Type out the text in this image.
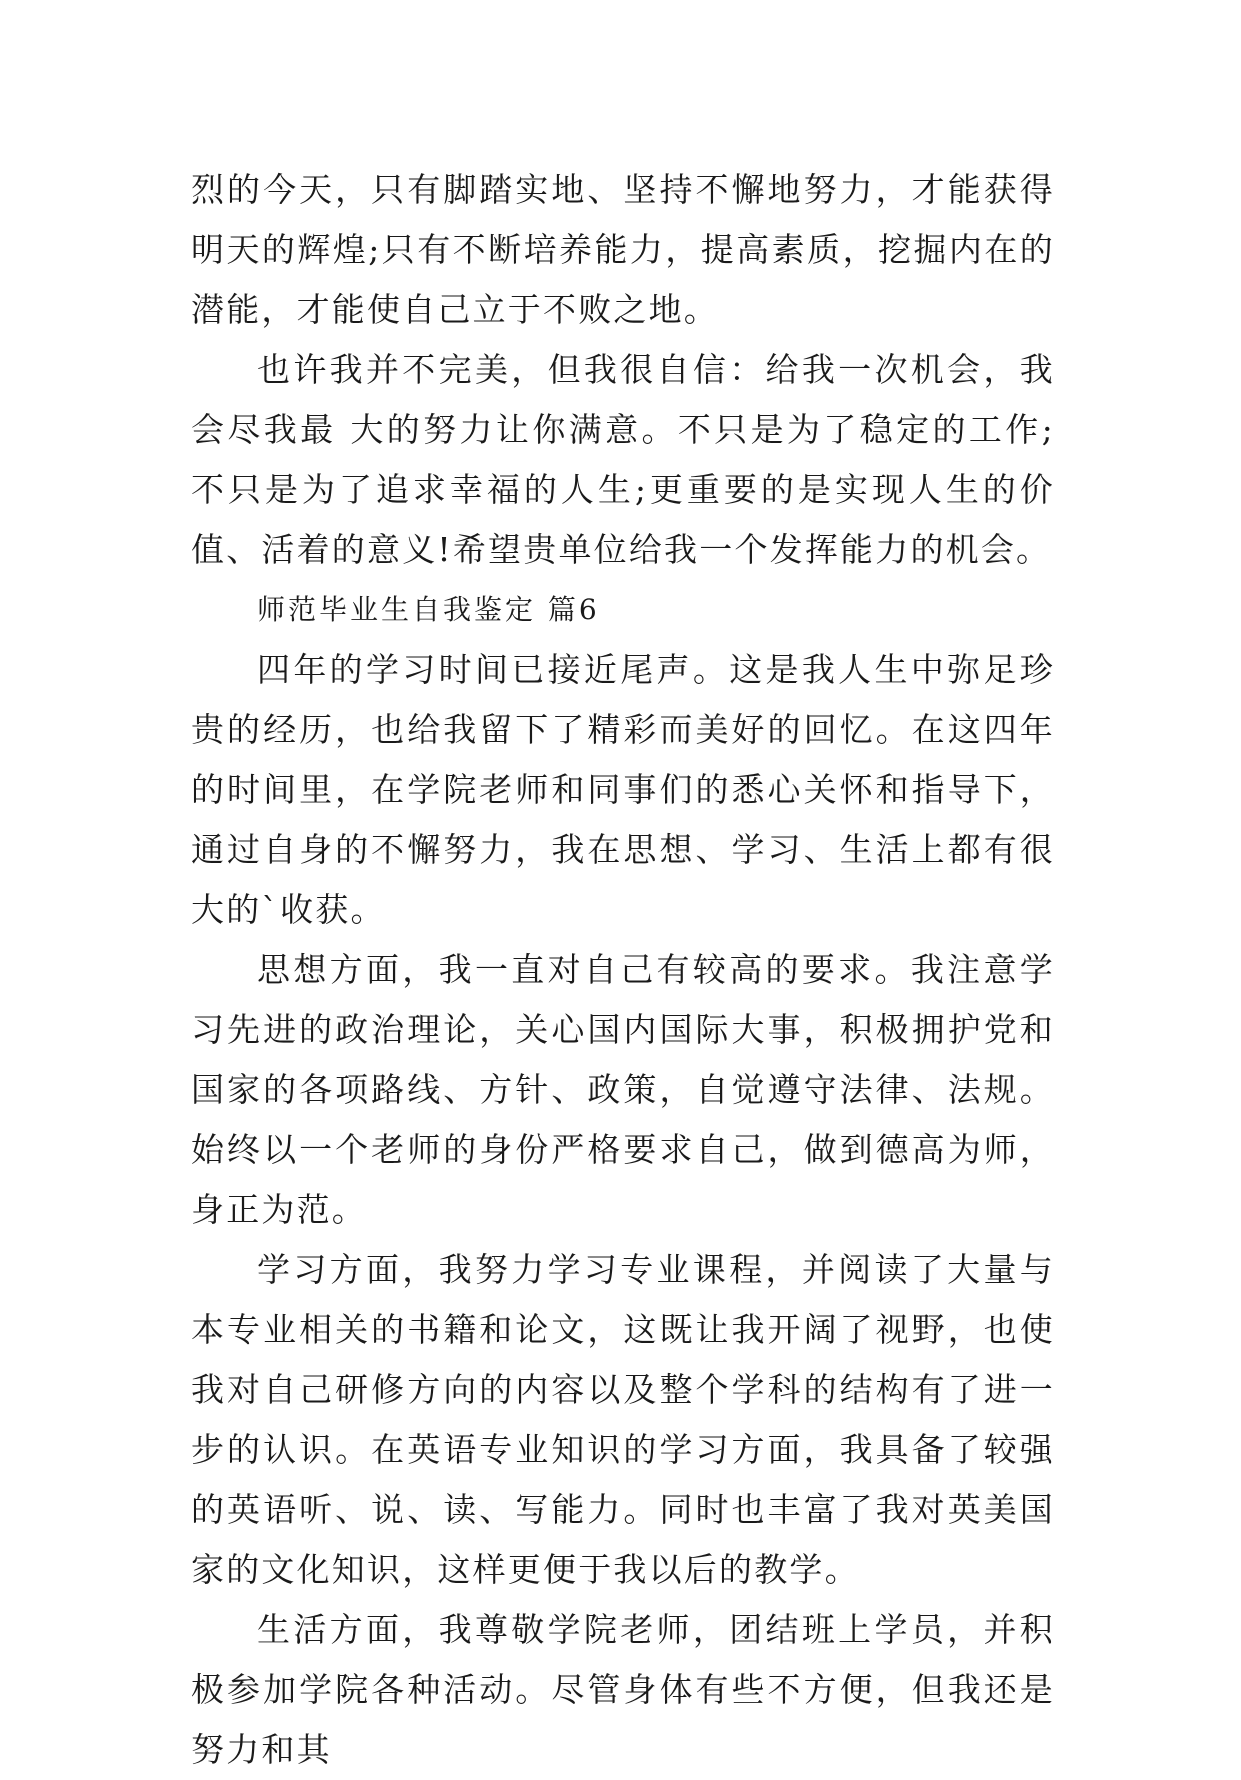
烈的今天，只有脚踏实地、坚持不懈地努力，才能获得明天的辉煌;只有不断培养能力，提高素质，挖掘内在的潜能，才能使自己立于不败之地。

也许我并不完美，但我很自信：给我一次机会，我会尽我最 大的努力让你满意。不只是为了稳定的工作;不只是为了追求幸福的人生;更重要的是实现人生的价值、活着的意义!希望贵单位给我一个发挥能力的机会。

师范毕业生自我鉴定 篇6

四年的学习时间已接近尾声。这是我人生中弥足珍贵的经历，也给我留下了精彩而美好的回忆。在这四年的时间里，在学院老师和同事们的悉心关怀和指导下，通过自身的不懈努力，我在思想、学习、生活上都有很大的`收获。

思想方面，我一直对自己有较高的要求。我注意学习先进的政治理论，关心国内国际大事，积极拥护党和国家的各项路线、方针、政策，自觉遵守法律、法规。始终以一个老师的身份严格要求自己，做到德高为师，身正为范。

学习方面，我努力学习专业课程，并阅读了大量与本专业相关的书籍和论文，这既让我开阔了视野，也使我对自己研修方向的内容以及整个学科的结构有了进一步的认识。在英语专业知识的学习方面，我具备了较强的英语听、说、读、写能力。同时也丰富了我对英美国家的文化知识，这样更便于我以后的教学。

生活方面，我尊敬学院老师，团结班上学员，并积极参加学院各种活动。尽管身体有些不方便，但我还是努力和其
